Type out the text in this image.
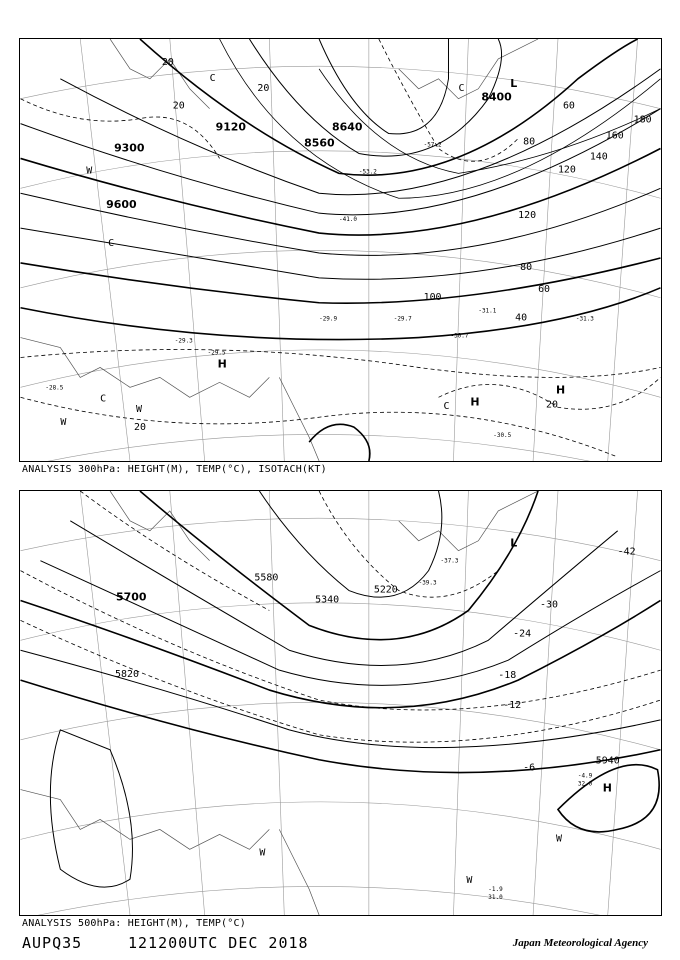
9300
9120	8640
8560
8400
9600
20
20
20
80
120
140
160
180
60
120
80
60
40
100
20
20
-29.3
-29.5
-29.7
-30.7
-31.1
-31.3
-29.9
-30.5
-28.5
-41.0
-53.2
-57.2
H
H
H
L
C
C
C
C
C
W
W
W
ANALYSIS 300hPa: HEIGHT(M), TEMP(°C), ISOTACH(KT)
5700
5580
5340
5220
5820
5940
-42
-30
-24
-18
-12
-6
-1.9
31.0
-4.9
32.0
-37.3
-39.3
H
L
W
W
W
ANALYSIS 500hPa: HEIGHT(M), TEMP(°C)
AUPQ35	121200UTC DEC 2018	Japan Meteorological Agency
